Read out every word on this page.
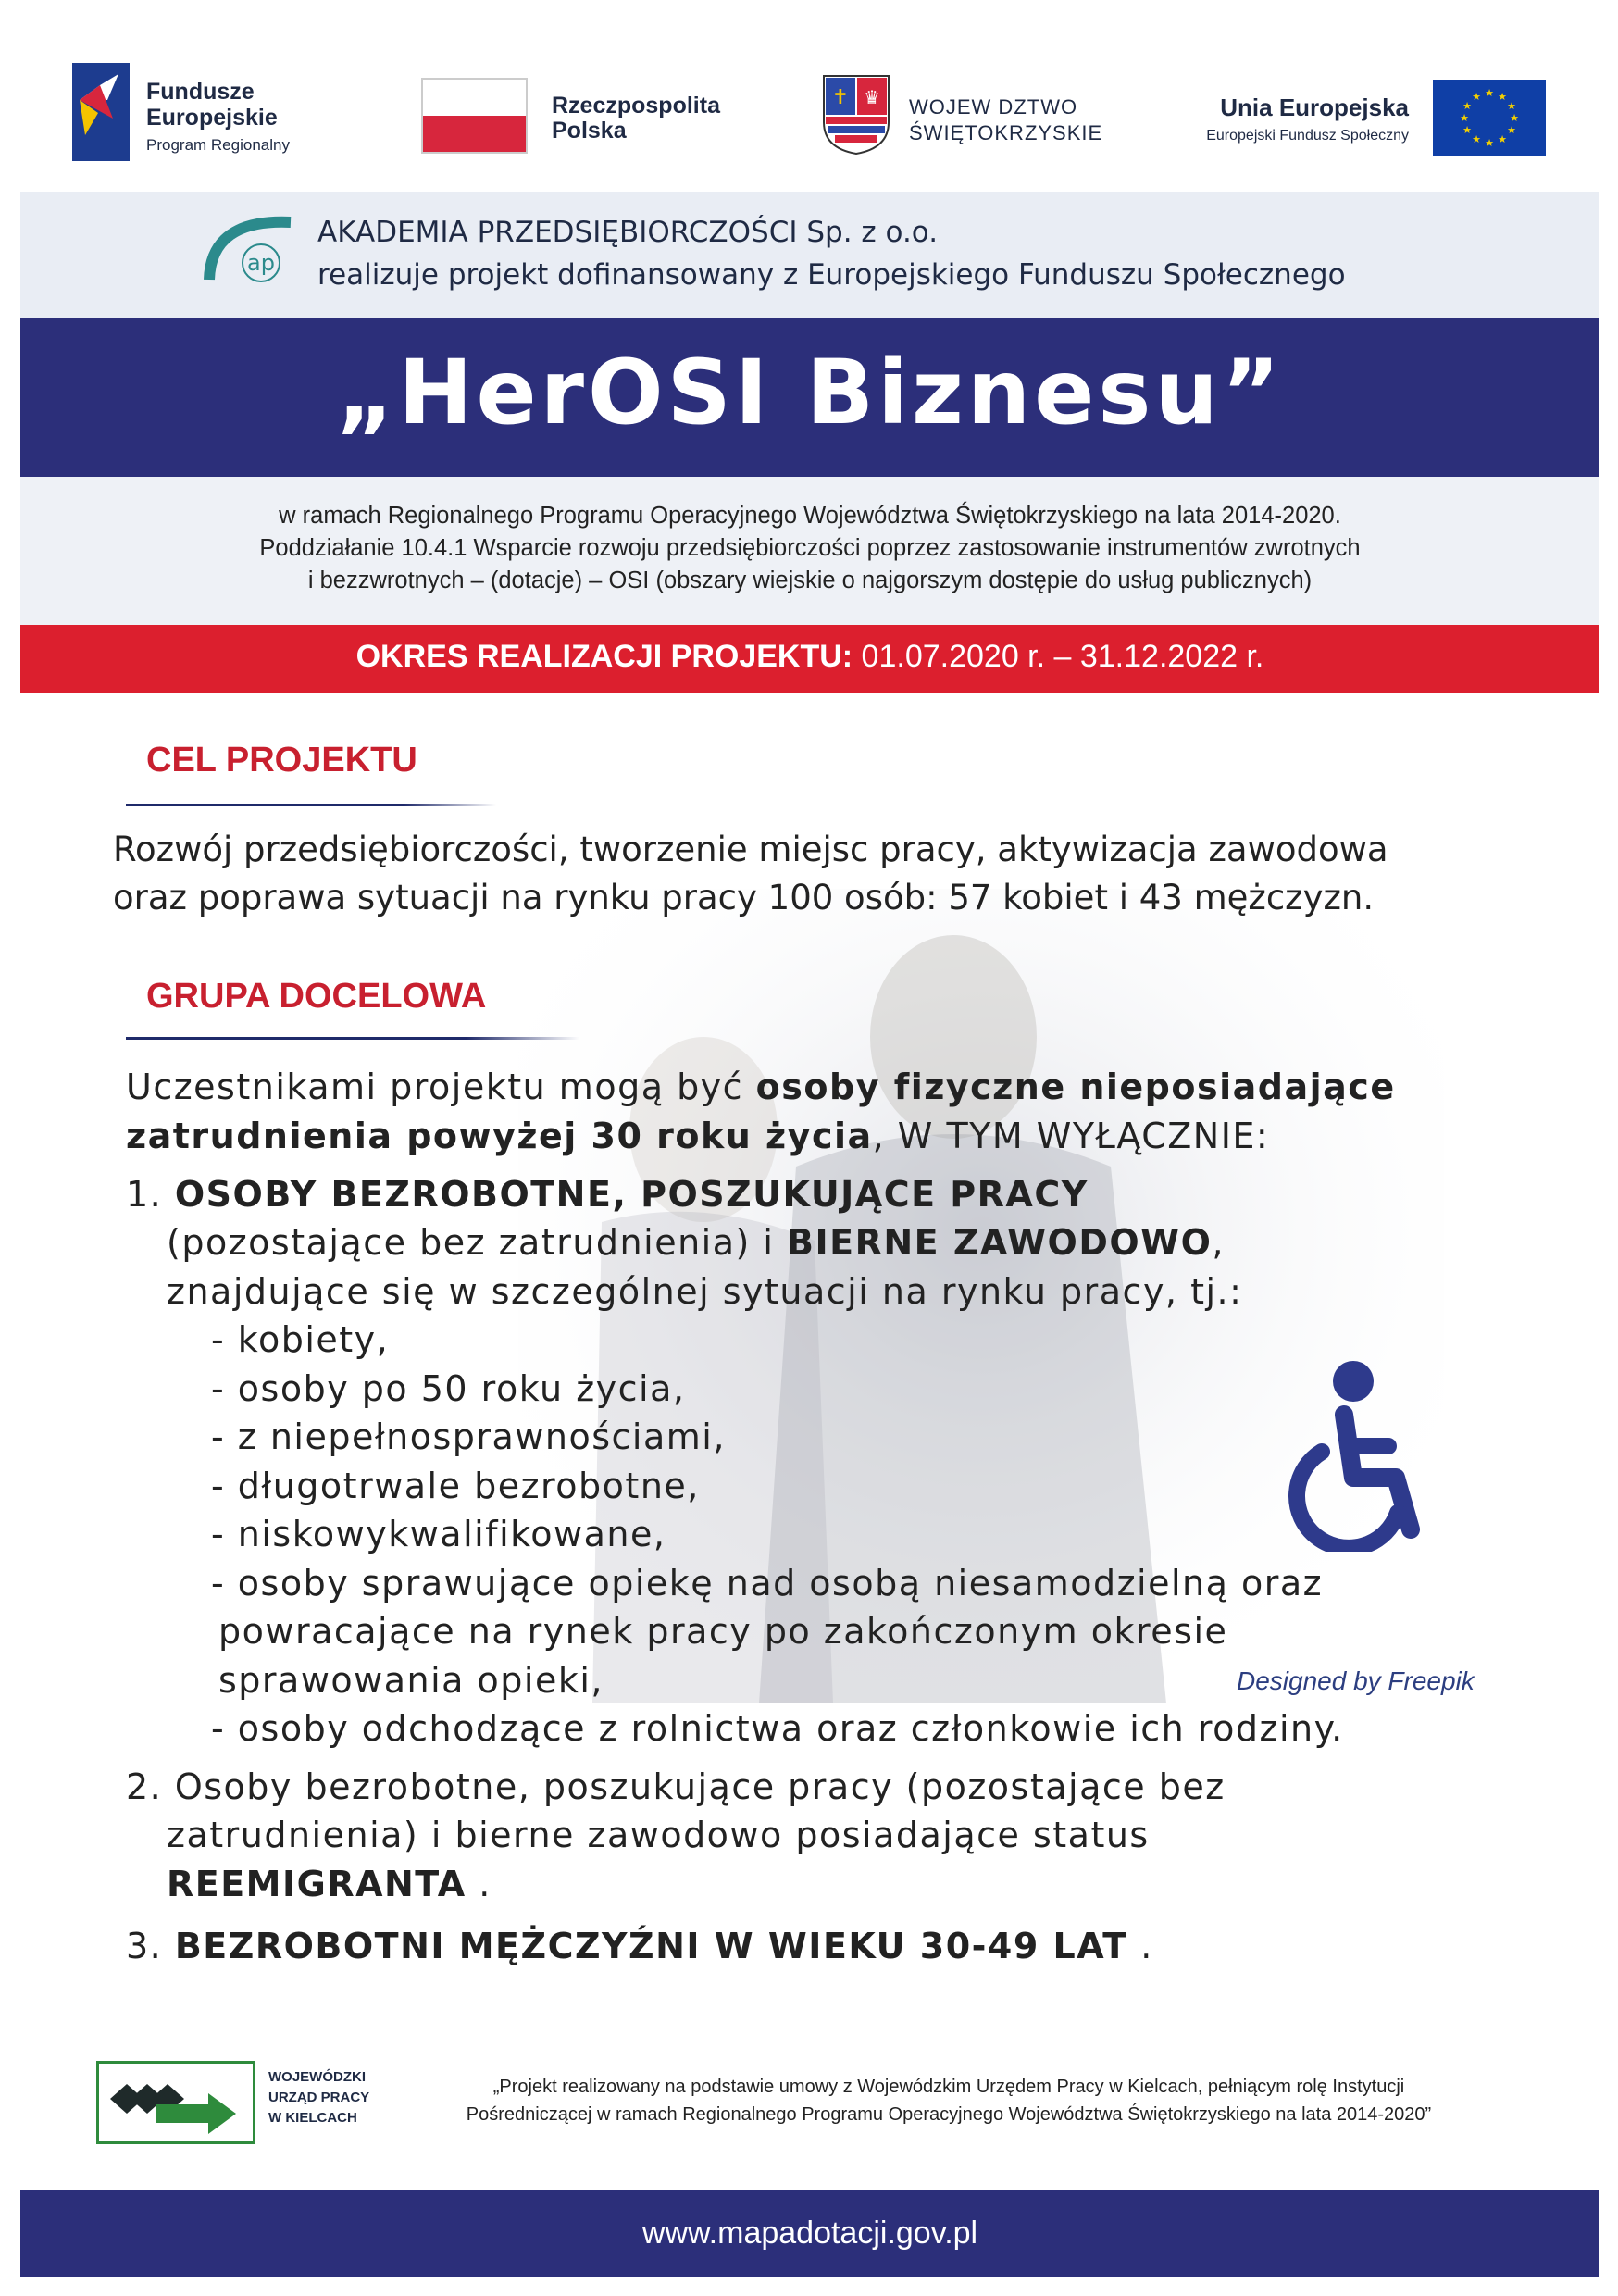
Fundusze
Europejskie
Program Regionalny
Rzeczpospolita
Polska
✝ ♛ WOJEW DZTWO
ŚWIĘTOKRZYSKIE
Unia Europejska
Europejski Fundusz Społeczny
★ ★
★
★
★
★
★
★
★
★
★
★
ap
AKADEMIA PRZEDSIĘBIORCZOŚCI Sp. z o.o.
realizuje projekt dofinansowany z Europejskiego Funduszu Społecznego
„HerOSI Biznesu”
w ramach Regionalnego Programu Operacyjnego Województwa Świętokrzyskiego na lata 2014-2020.
Poddziałanie 10.4.1 Wsparcie rozwoju przedsiębiorczości poprzez zastosowanie instrumentów zwrotnych
i bezzwrotnych – (dotacje) – OSI (obszary wiejskie o najgorszym dostępie do usług publicznych)
OKRES REALIZACJI PROJEKTU: 01.07.2020 r. – 31.12.2022 r.
CEL PROJEKTU
Rozwój przedsiębiorczości, tworzenie miejsc pracy, aktywizacja zawodowa
oraz poprawa sytuacji na rynku pracy 100 osób: 57 kobiet i 43 mężczyzn.
GRUPA DOCELOWA
Uczestnikami projektu mogą być osoby fizyczne nieposiadające
zatrudnienia powyżej 30 roku życia, W TYM WYŁĄCZNIE:
1. OSOBY BEZROBOTNE, POSZUKUJĄCE PRACY
(pozostające bez zatrudnienia) i BIERNE ZAWODOWO,
znajdujące się w szczególnej sytuacji na rynku pracy, tj.:
- kobiety,
- osoby po 50 roku życia,
- z niepełnosprawnościami,
- długotrwale bezrobotne,
- niskowykwalifikowane,
- osoby sprawujące opiekę nad osobą niesamodzielną oraz
powracające na rynek pracy po zakończonym okresie
sprawowania opieki,	Designed by Freepik
- osoby odchodzące z rolnictwa oraz członkowie ich rodziny.
2. Osoby bezrobotne, poszukujące pracy (pozostające bez
zatrudnienia) i bierne zawodowo posiadające status
REEMIGRANTA .
3. BEZROBOTNI MĘŻCZYŹNI W WIEKU 30-49 LAT .
WOJEWÓDZKI
URZĄD PRACY
W KIELCACH
„Projekt realizowany na podstawie umowy z Wojewódzkim Urzędem Pracy w Kielcach, pełniącym rolę Instytucji
Pośredniczącej w ramach Regionalnego Programu Operacyjnego Województwa Świętokrzyskiego na lata 2014-2020”
www.mapadotacji.gov.pl
